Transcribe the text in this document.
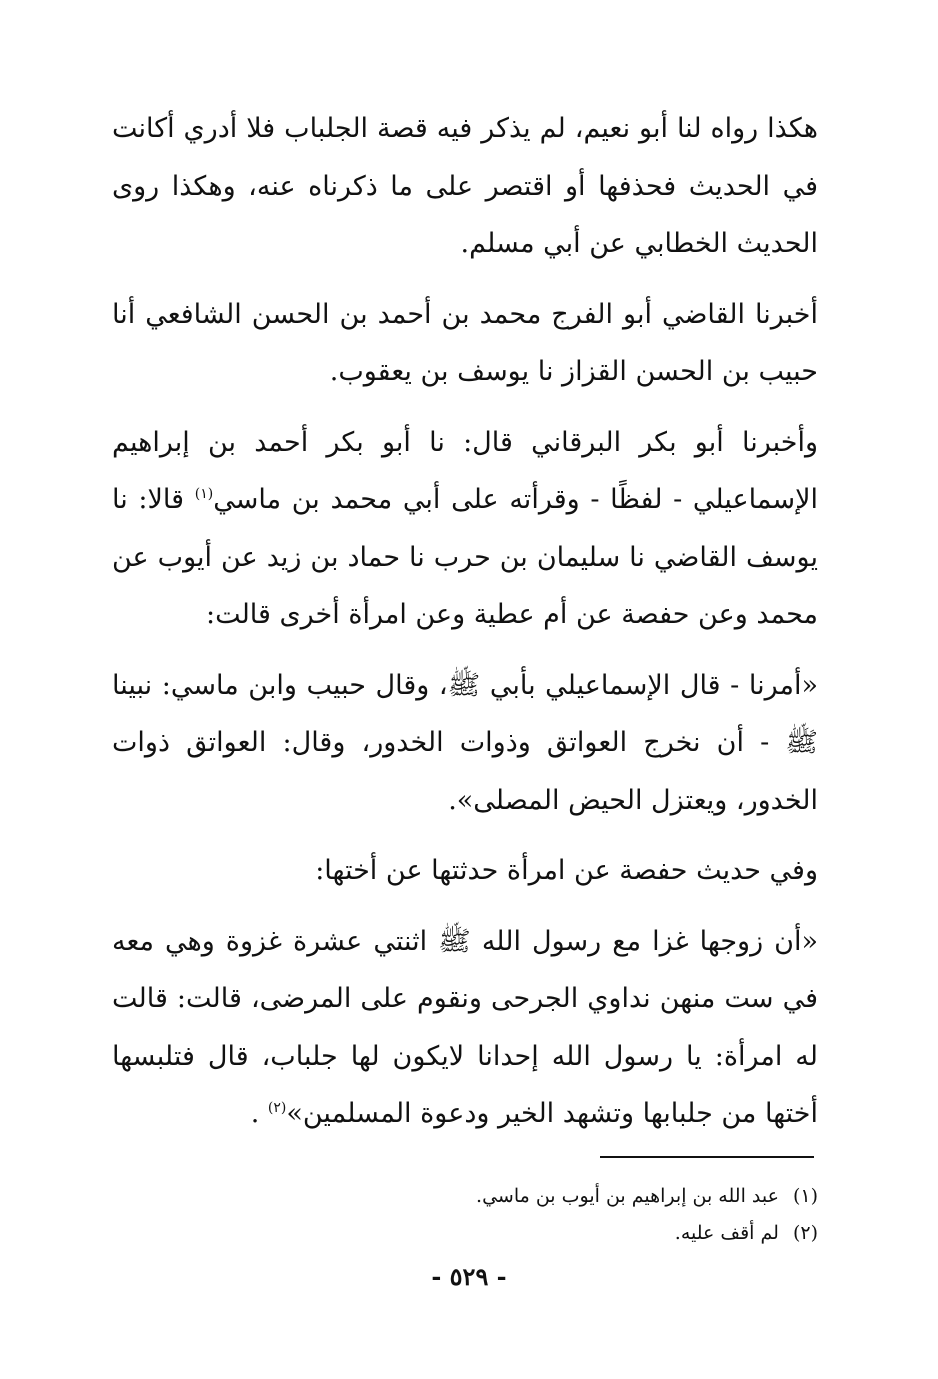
هكذا رواه لنا أبو نعيم، لم يذكر فيه قصة الجلباب فلا أدري أكانت في الحديث فحذفها أو اقتصر على ما ذكرناه عنه، وهكذا روى الحديث الخطابي عن أبي مسلم.

أخبرنا القاضي أبو الفرج محمد بن أحمد بن الحسن الشافعي أنا حبيب بن الحسن القزاز نا يوسف بن يعقوب.

وأخبرنا أبو بكر البرقاني قال: نا أبو بكر أحمد بن إبراهيم الإسماعيلي - لفظًا - وقرأته على أبي محمد بن ماسي$^{(١)}$ قالا: نا يوسف القاضي نا سليمان بن حرب نا حماد بن زيد عن أيوب عن محمد وعن حفصة عن أم عطية وعن امرأة أخرى قالت:

«أمرنا - قال الإسماعيلي بأبي ﷺ، وقال حبيب وابن ماسي: نبينا ﷺ - أن نخرج العواتق وذوات الخدور، وقال: العواتق ذوات الخدور، ويعتزل الحيض المصلى».

وفي حديث حفصة عن امرأة حدثتها عن أختها:

«أن زوجها غزا مع رسول الله ﷺ اثنتي عشرة غزوة وهي معه في ست منهن نداوي الجرحى ونقوم على المرضى، قالت: قالت له امرأة: يا رسول الله إحدانا لايكون لها جلباب، قال فتلبسها أختها من جلبابها وتشهد الخير ودعوة المسلمين»$^{(٢)}$ .

(١)عبد الله بن إبراهيم بن أيوب بن ماسي.

(٢)لم أقف عليه.

- ٥٢٩ -
